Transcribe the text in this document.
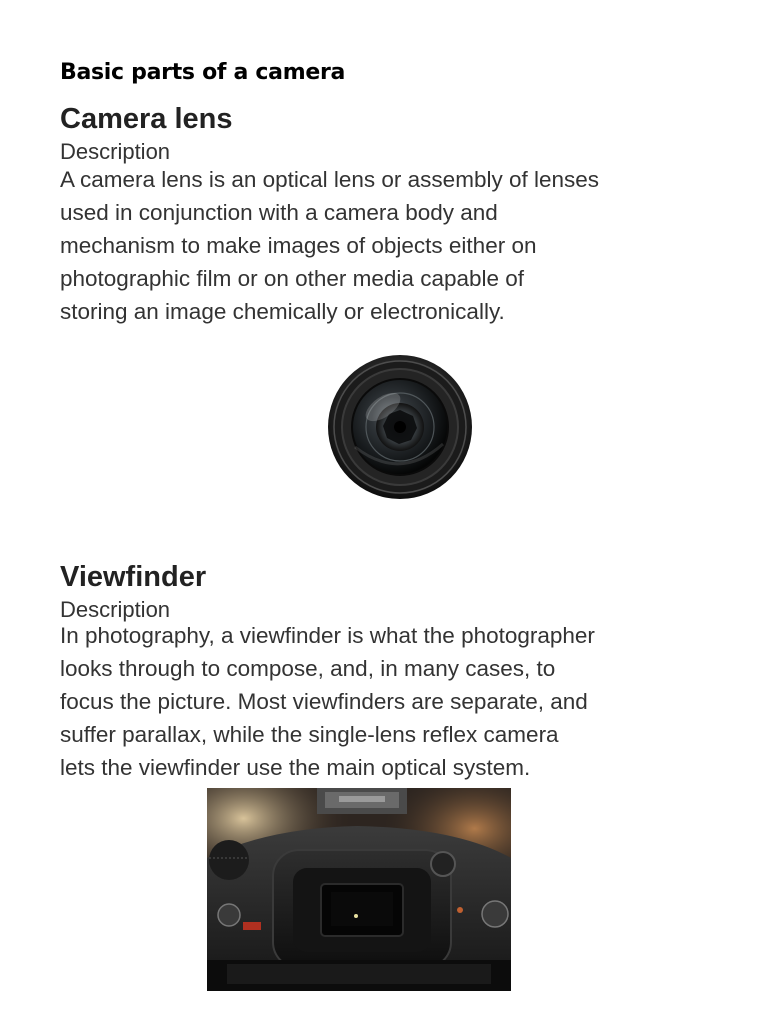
Basic parts of a camera
Camera lens
Description
A camera lens is an optical lens or assembly of lenses
used in conjunction with a camera body and
mechanism to make images of objects either on
photographic film or on other media capable of
storing an image chemically or electronically.
Viewfinder
Description
In photography, a viewfinder is what the photographer
looks through to compose, and, in many cases, to
focus the picture. Most viewfinders are separate, and
suffer parallax, while the single-lens reflex camera
lets the viewfinder use the main optical system.
